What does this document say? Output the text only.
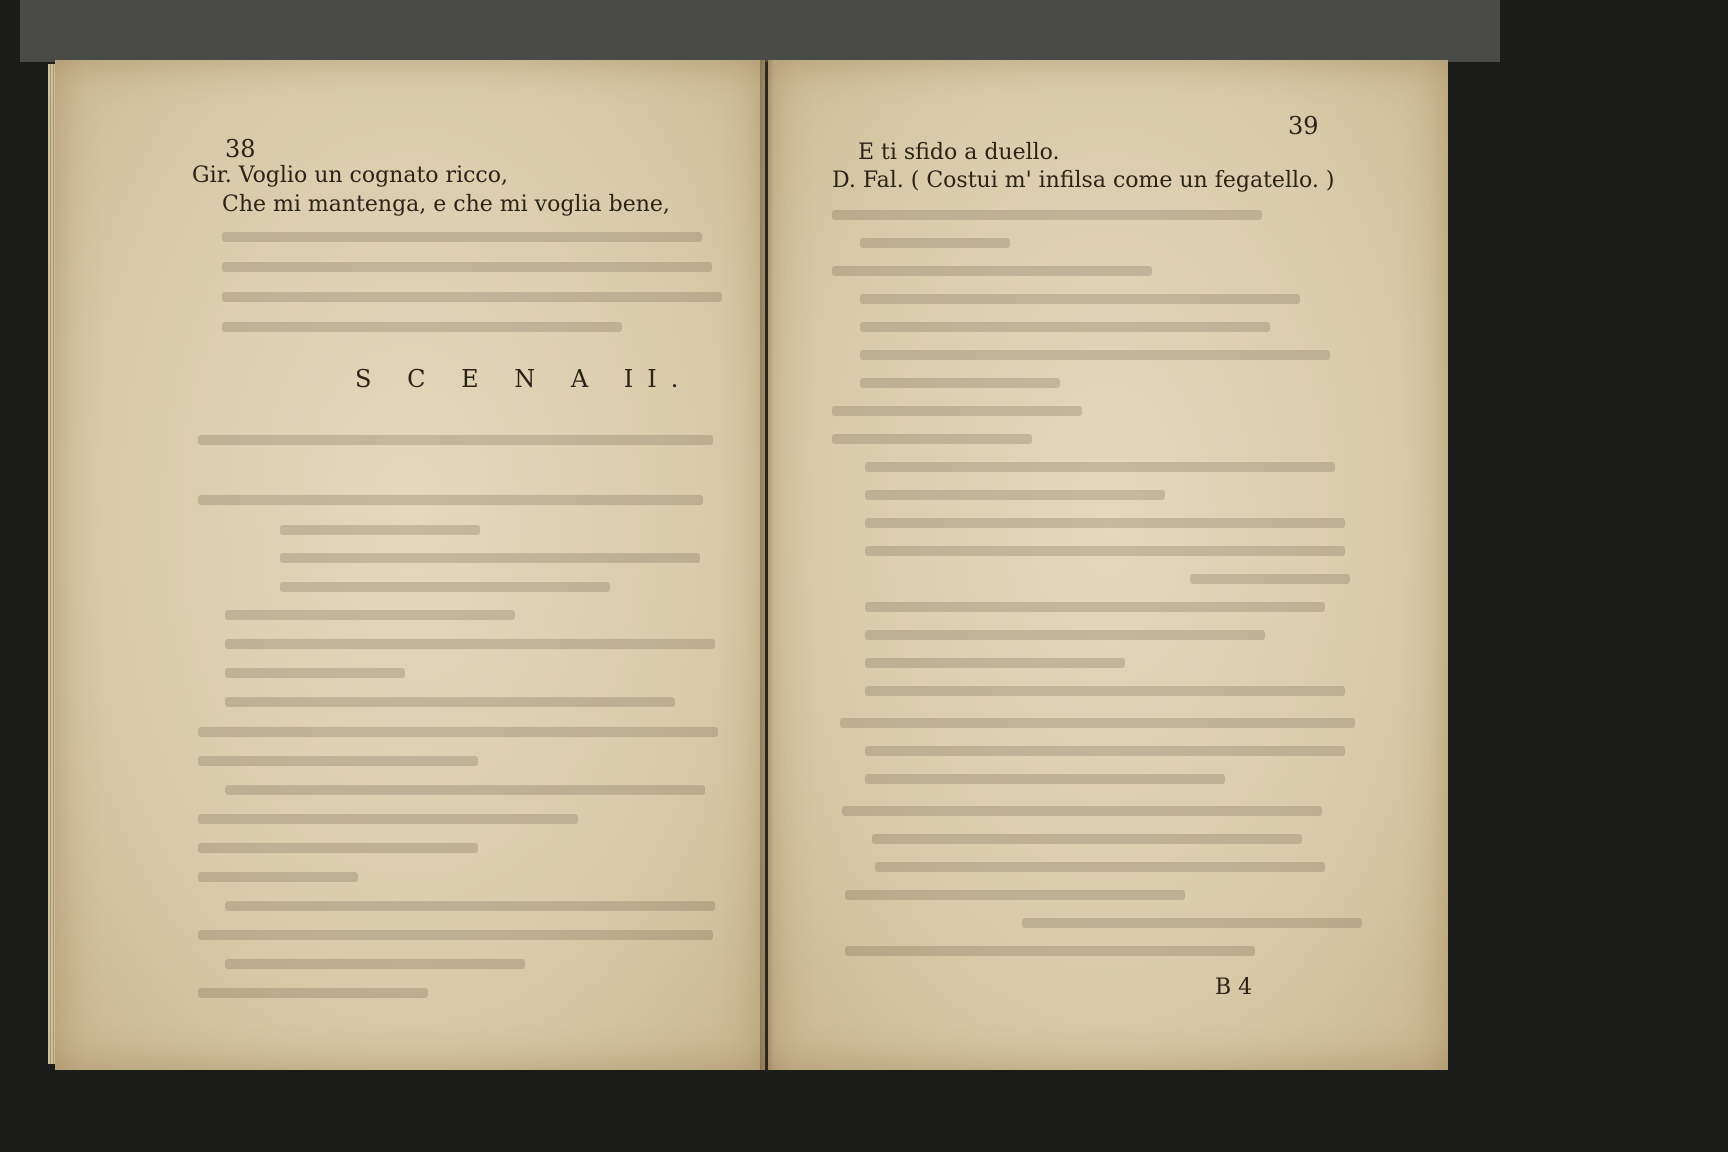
38
Gir. Voglio un cognato ricco,
Che mi mantenga, e che mi voglia bene,
S C E N A II.
39
E ti sfido a duello.
D. Fal. ( Costui m' infilsa come un fegatello. )
B 4
